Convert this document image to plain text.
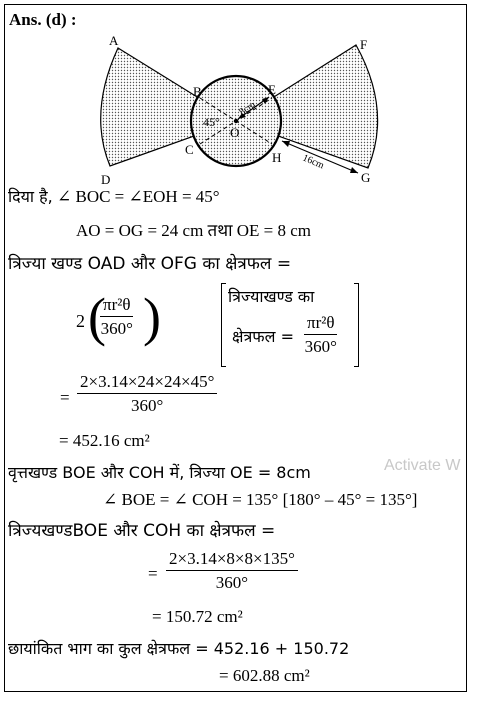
Ans. (d) :
A	F
B	E
45°
O
C
H
D	G
8cm
16cm
दिया है, ∠ BOC = ∠EOH = 45°
AO = OG = 24 cm तथा OE = 8 cm
त्रिज्या खण्ड OAD और OFG का क्षेत्रफल =
2 (
$\frac{\text{πr²θ}}{360^\circ}$ )	त्रिज्याखण्ड का
क्षेत्रफल = $\frac{\text{πr²θ}}{360^\circ}$
= $\frac{2\times 3.14\times 24\times 24\times 45^\circ}{360^\circ}$
= 452.16 cm²
वृत्तखण्ड BOE और COH में, त्रिज्या OE = 8cm	Activate W
∠ BOE = ∠ COH = 135° [180° – 45° = 135°]
त्रिज्यखण्डBOE और COH का क्षेत्रफल =
= $\frac{2\times 3.14\times 8\times 8\times 135^\circ}{360^\circ}$
= 150.72 cm²
छायांकित भाग का कुल क्षेत्रफल = 452.16 + 150.72
= 602.88 cm²
